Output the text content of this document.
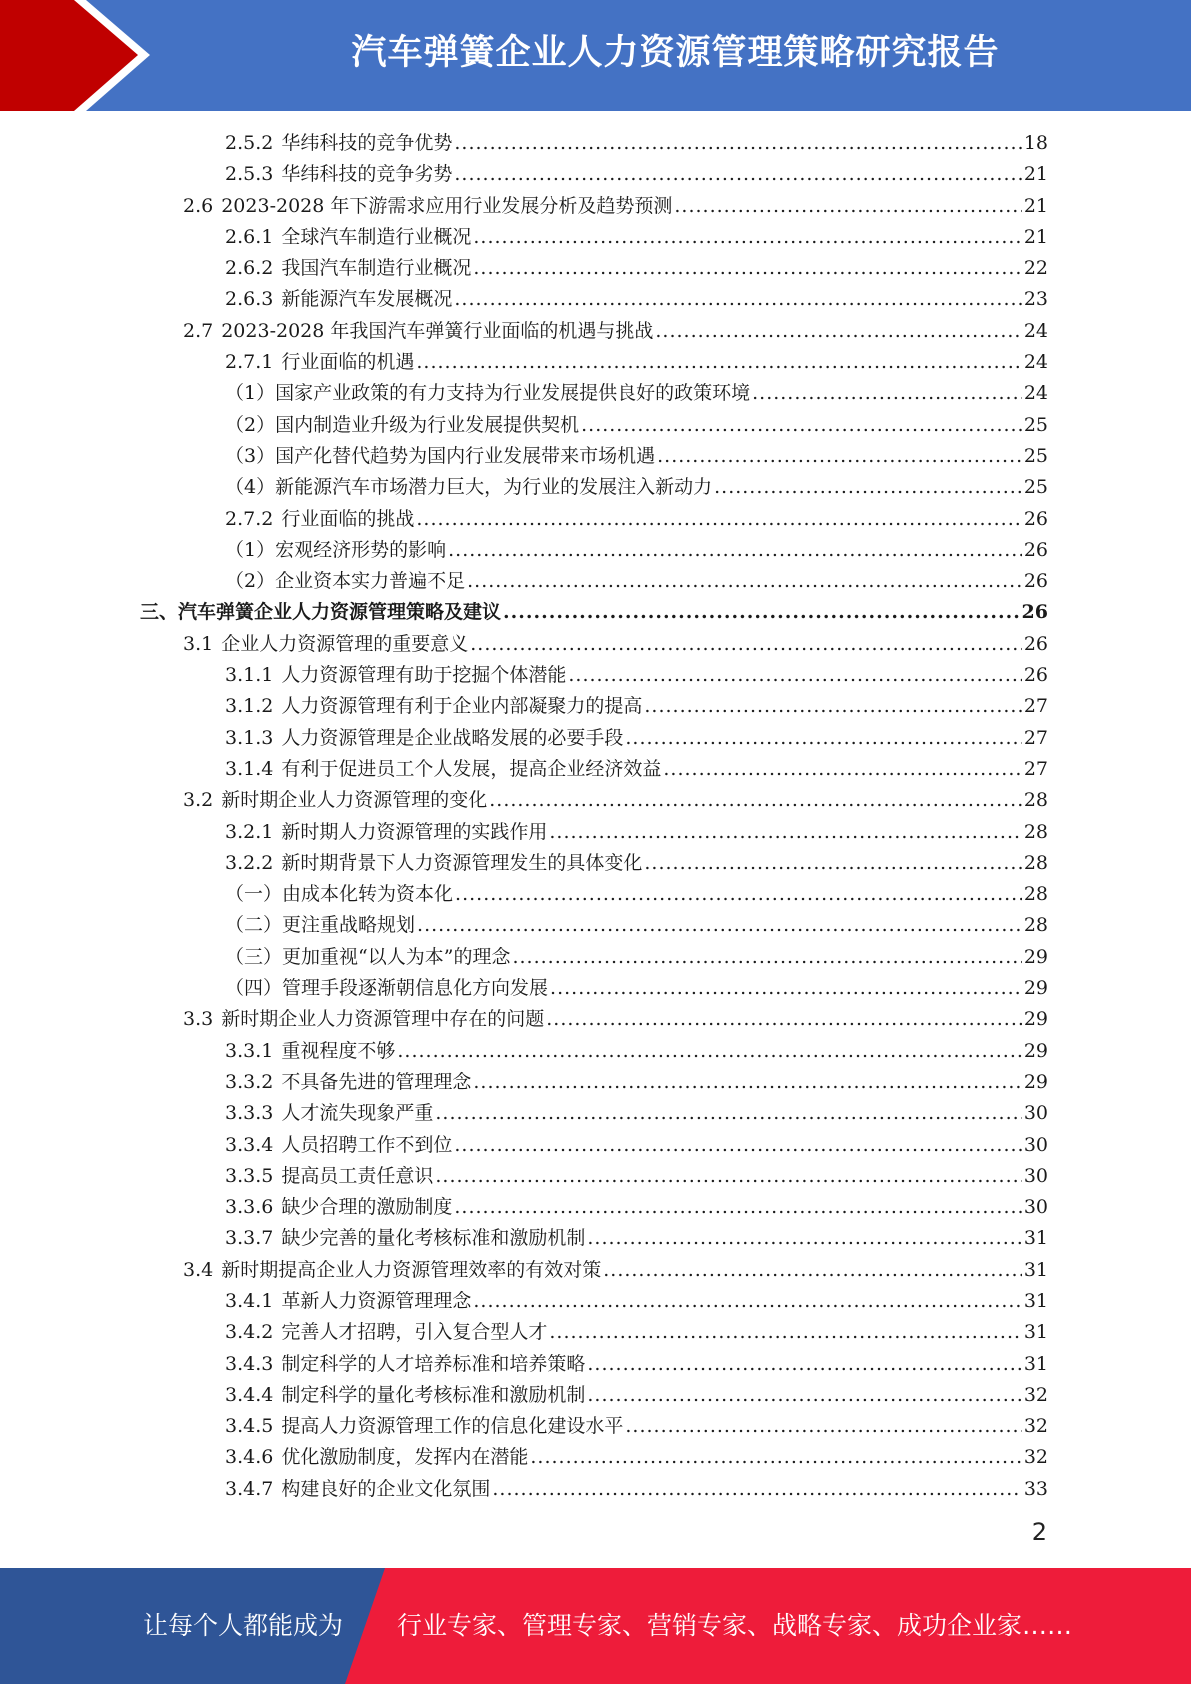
汽车弹簧企业人力资源管理策略研究报告
2.5.2 华纬科技的竞争优势 .....	18
2.5.3 华纬科技的竞争劣势 .....	21
2.6 2023-2028 年下游需求应用行业发展分析及趋势预测 .....	21
2.6.1 全球汽车制造行业概况 .....	21
2.6.2 我国汽车制造行业概况 .....	22
2.6.3 新能源汽车发展概况 .....	23
2.7 2023-2028 年我国汽车弹簧行业面临的机遇与挑战 .....	24
2.7.1 行业面临的机遇 .....	24
（1） 国家产业政策的有力支持为行业发展提供良好的政策环境 .....	24
（2） 国内制造业升级为行业发展提供契机 .....	25
（3） 国产化替代趋势为国内行业发展带来市场机遇 .....	25
（4） 新能源汽车市场潜力巨大，为行业的发展注入新动力 .....	25
2.7.2 行业面临的挑战 .....	26
（1） 宏观经济形势的影响 .....	26
（2） 企业资本实力普遍不足 .....	26
三、 汽车弹簧企业人力资源管理策略及建议 .....	26
3.1 企业人力资源管理的重要意义 .....	26
3.1.1 人力资源管理有助于挖掘个体潜能 .....	26
3.1.2 人力资源管理有利于企业内部凝聚力的提高 .....	27
3.1.3 人力资源管理是企业战略发展的必要手段 .....	27
3.1.4 有利于促进员工个人发展，提高企业经济效益 .....	27
3.2 新时期企业人力资源管理的变化 .....	28
3.2.1 新时期人力资源管理的实践作用 .....	28
3.2.2 新时期背景下人力资源管理发生的具体变化 .....	28
（一） 由成本化转为资本化 .....	28
（二） 更注重战略规划 .....	28
（三） 更加重视“以人为本”的理念 .....	29
（四） 管理手段逐渐朝信息化方向发展 .....	29
3.3 新时期企业人力资源管理中存在的问题 .....	29
3.3.1 重视程度不够 .....	29
3.3.2 不具备先进的管理理念 .....	29
3.3.3 人才流失现象严重 .....	30
3.3.4 人员招聘工作不到位 .....	30
3.3.5 提高员工责任意识 .....	30
3.3.6 缺少合理的激励制度 .....	30
3.3.7 缺少完善的量化考核标准和激励机制 .....	31
3.4 新时期提高企业人力资源管理效率的有效对策 .....	31
3.4.1 革新人力资源管理理念 .....	31
3.4.2 完善人才招聘，引入复合型人才 .....	31
3.4.3 制定科学的人才培养标准和培养策略 .....	31
3.4.4 制定科学的量化考核标准和激励机制 .....	32
3.4.5 提高人力资源管理工作的信息化建设水平 .....	32
3.4.6 优化激励制度，发挥内在潜能 .....	32
3.4.7 构建良好的企业文化氛围 .....	33
2
让每个人都能成为 行业专家、管理专家、营销专家、战略专家、成功企业家……
